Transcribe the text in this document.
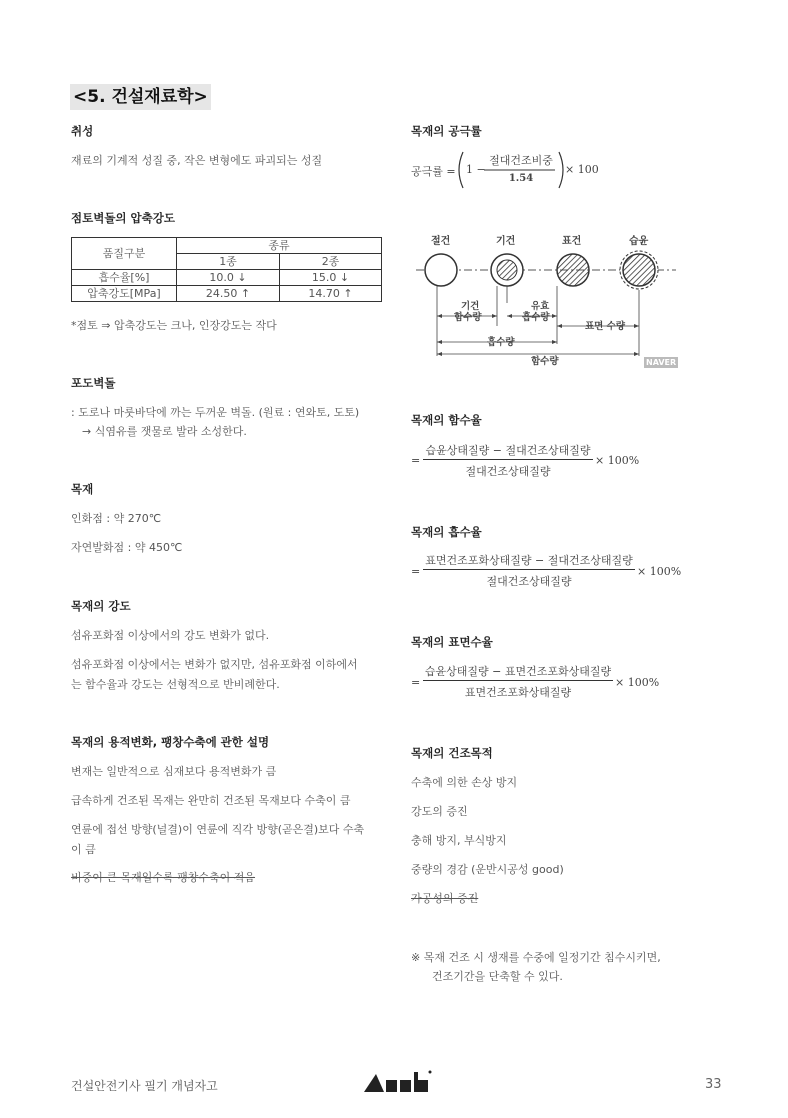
<5. 건설재료학>
취성
재료의 기계적 성질 중, 작은 변형에도 파괴되는 성질
점토벽돌의 압축강도
품질구분	종류	
	1종	2종
흡수율[%]	10.0 ↓	15.0 ↓
압축강도[MPa]	24.50 ↑	14.70 ↑
*점토 ⇒ 압축강도는 크나, 인장강도는 작다
포도벽돌
: 도로나 마룻바닥에 까는 두꺼운 벽돌. (원료 : 연와토, 도토)
→ 식염유를 잿물로 발라 소성한다.
목재
인화점 : 약 270℃
자연발화점 : 약 450℃
목재의 강도
섬유포화점 이상에서의 강도 변화가 없다.
섬유포화점 이상에서는 변화가 없지만, 섬유포화점 이하에서
는 함수율과 강도는 선형적으로 반비례한다.
목재의 용적변화, 팽창수축에 관한 설명
변재는 일반적으로 심재보다 용적변화가 큼
급속하게 건조된 목재는 완만히 건조된 목재보다 수축이 큼
연륜에 접선 방향(널결)이 연륜에 직각 방향(곧은결)보다 수축
이 큼
비중이 큰 목재일수록 팽창수축이 적음
목재의 공극률
공극률 = 1 −
절대건조비중
1.54
× 100
절건	기건	표건	습윤
기건
함수량
유효
흡수량
표면 수량
흡수량
함수량	NAVER
목재의 함수율
=
습윤상태질량 − 절대건조상태질량
절대건조상태질량
× 100%
목재의 흡수율
=
표면건조포화상태질량 − 절대건조상태질량
절대건조상태질량
× 100%
목재의 표면수율
=
습윤상태질량 − 표면건조포화상태질량
표면건조포화상태질량
× 100%
목재의 건조목적
수축에 의한 손상 방지
강도의 증진
충해 방지, 부식방지
중량의 경감 (운반시공성 good)
가공성의 증진
※ 목재 건조 시 생재를 수중에 일정기간 침수시키면,
건조기간을 단축할 수 있다.
건설안전기사 필기 개념자고	33
